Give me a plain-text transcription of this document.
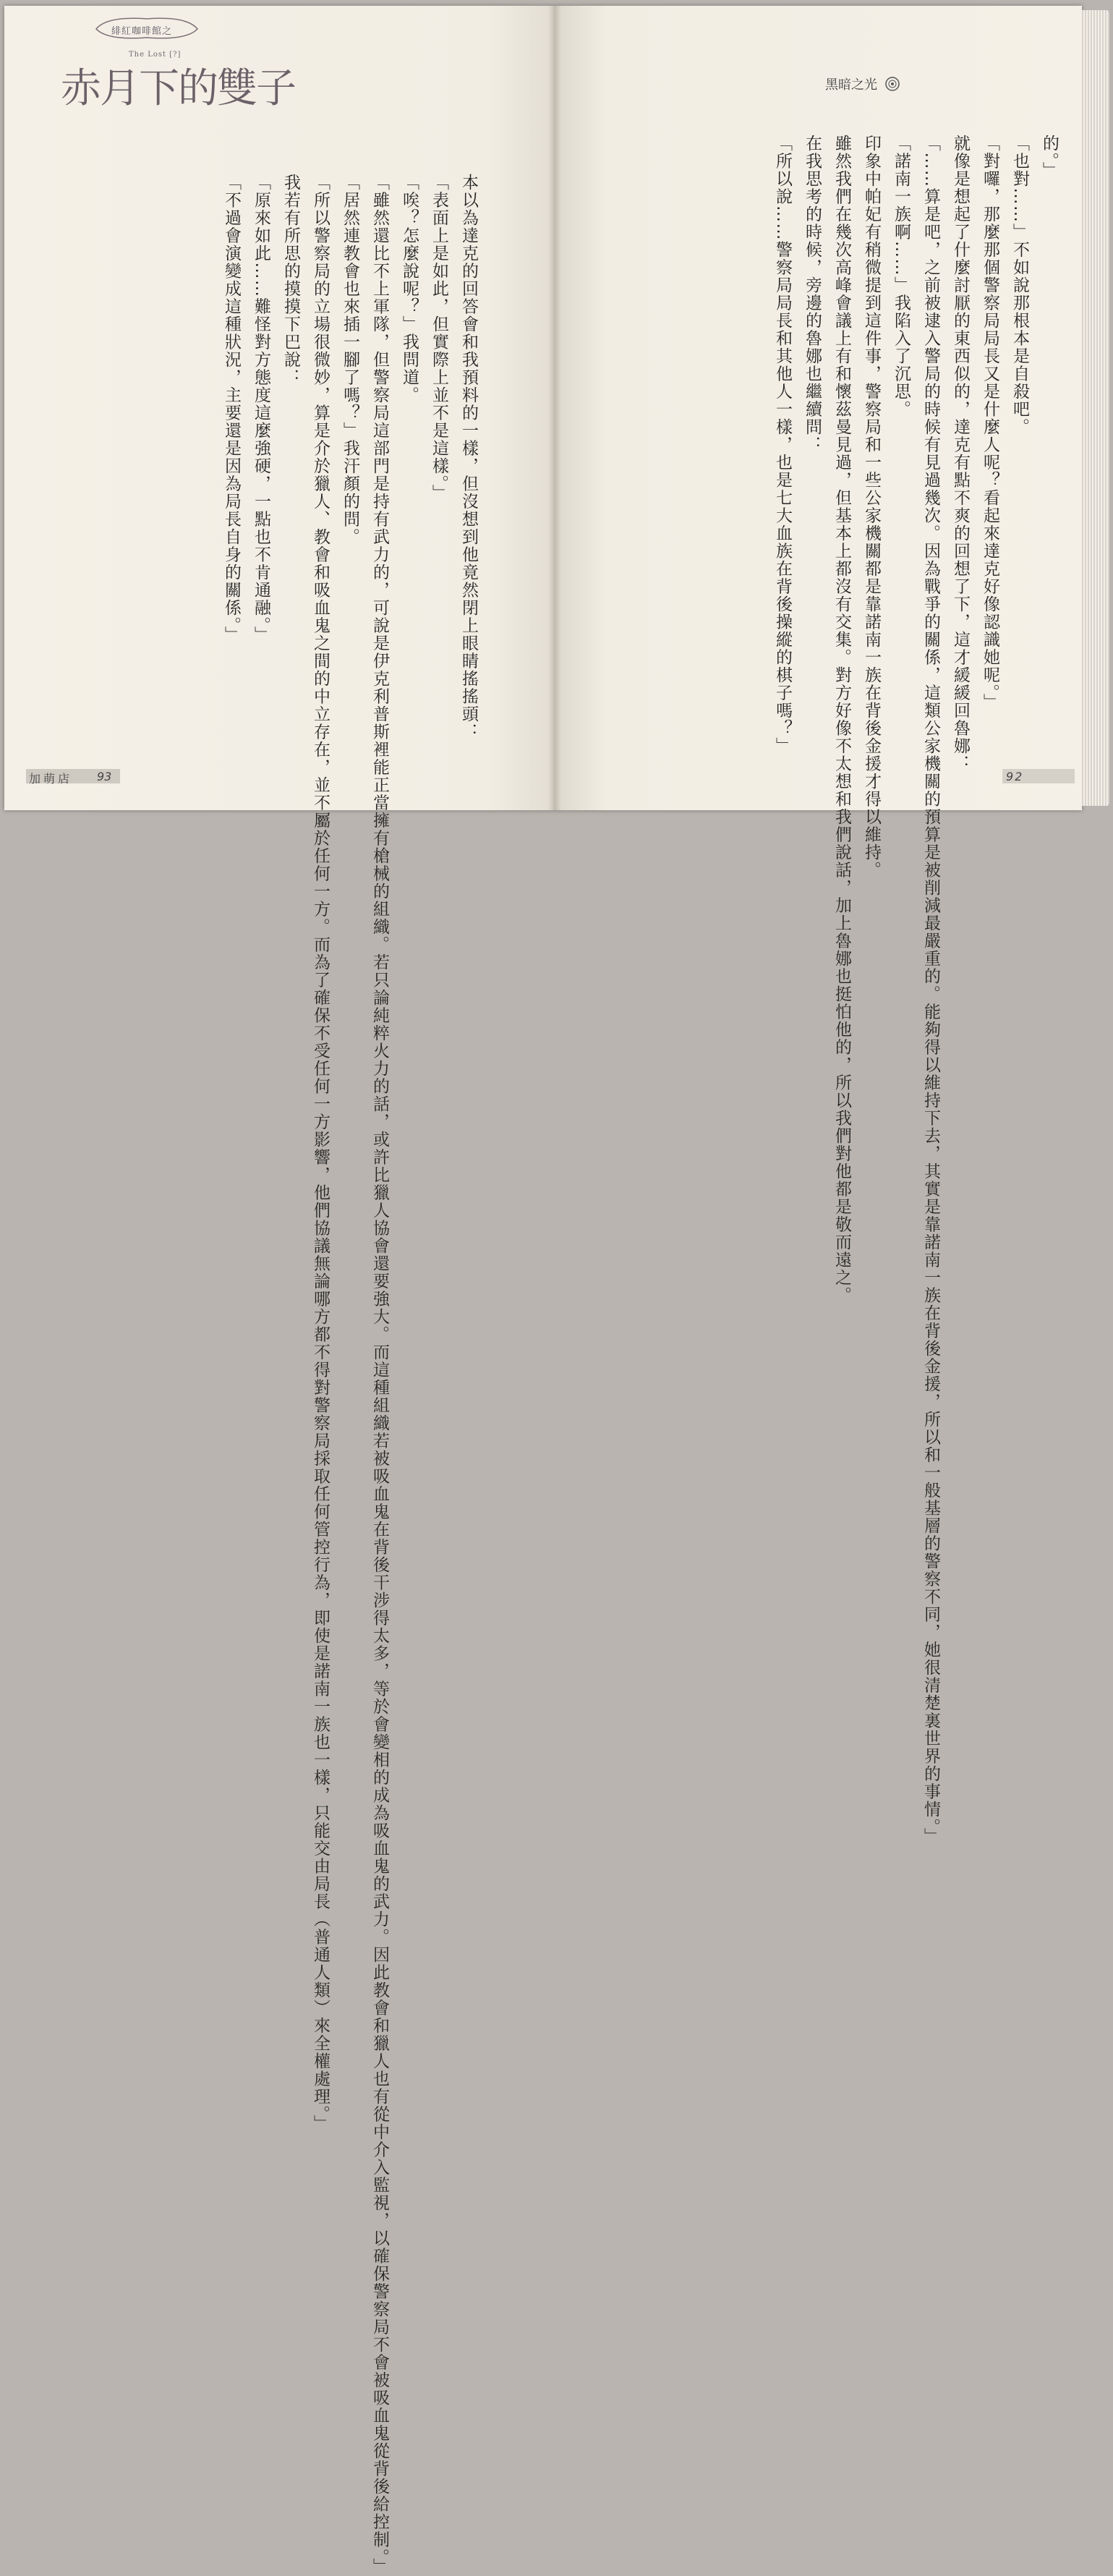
緋紅咖啡館之
The Lost [?]
赤月下的雙子

本以為達克的回答會和我預料的一樣，但沒想到他竟然閉上眼睛搖搖頭：

「表面上是如此，但實際上並不是這樣。」

「唉？怎麼說呢？」我問道。

「雖然還比不上軍隊，但警察局這部門是持有武力的，可說是伊克利普斯裡能正當擁有槍械的組織。若只論純粹火力的話，或許比獵人協會還要強大。而這種組織若被吸血鬼在背後干涉得太多，等於會變相的成為吸血鬼的武力。因此教會和獵人也有從中介入監視，以確保警察局不會被吸血鬼從背後給控制。」

「居然連教會也來插一腳了嗎？」我汗顏的問。

「所以警察局的立場很微妙，算是介於獵人、教會和吸血鬼之間的中立存在，並不屬於任何一方。而為了確保不受任何一方影響，他們協議無論哪方都不得對警察局採取任何管控行為，即使是諾南一族也一樣，只能交由局長（普通人類）來全權處理。」

我若有所思的摸摸下巴說：

「原來如此……難怪對方態度這麼強硬，一點也不肯通融。」

「不過會演變成這種狀況，主要還是因為局長自身的關係。」

加萌店 93
黑暗之光

的。」

「也對……」不如說那根本是自殺吧。

「對囉，那麼那個警察局局長又是什麼人呢？看起來達克好像認識她呢。」

就像是想起了什麼討厭的東西似的，達克有點不爽的回想了下，這才緩緩回魯娜：

「……算是吧，之前被逮入警局的時候有見過幾次。因為戰爭的關係，這類公家機關的預算是被削減最嚴重的。能夠得以維持下去，其實是靠諾南一族在背後金援，所以和一般基層的警察不同，她很清楚裏世界的事情。」

「諾南一族啊……」我陷入了沉思。

印象中帕妃有稍微提到這件事，警察局和一些公家機關都是靠諾南一族在背後金援才得以維持。

雖然我們在幾次高峰會議上有和懷茲曼見過，但基本上都沒有交集。對方好像不太想和我們說話，加上魯娜也挺怕他的，所以我們對他都是敬而遠之。

在我思考的時候，旁邊的魯娜也繼續問：

「所以說……警察局局長和其他人一樣，也是七大血族在背後操縱的棋子嗎？」

92
